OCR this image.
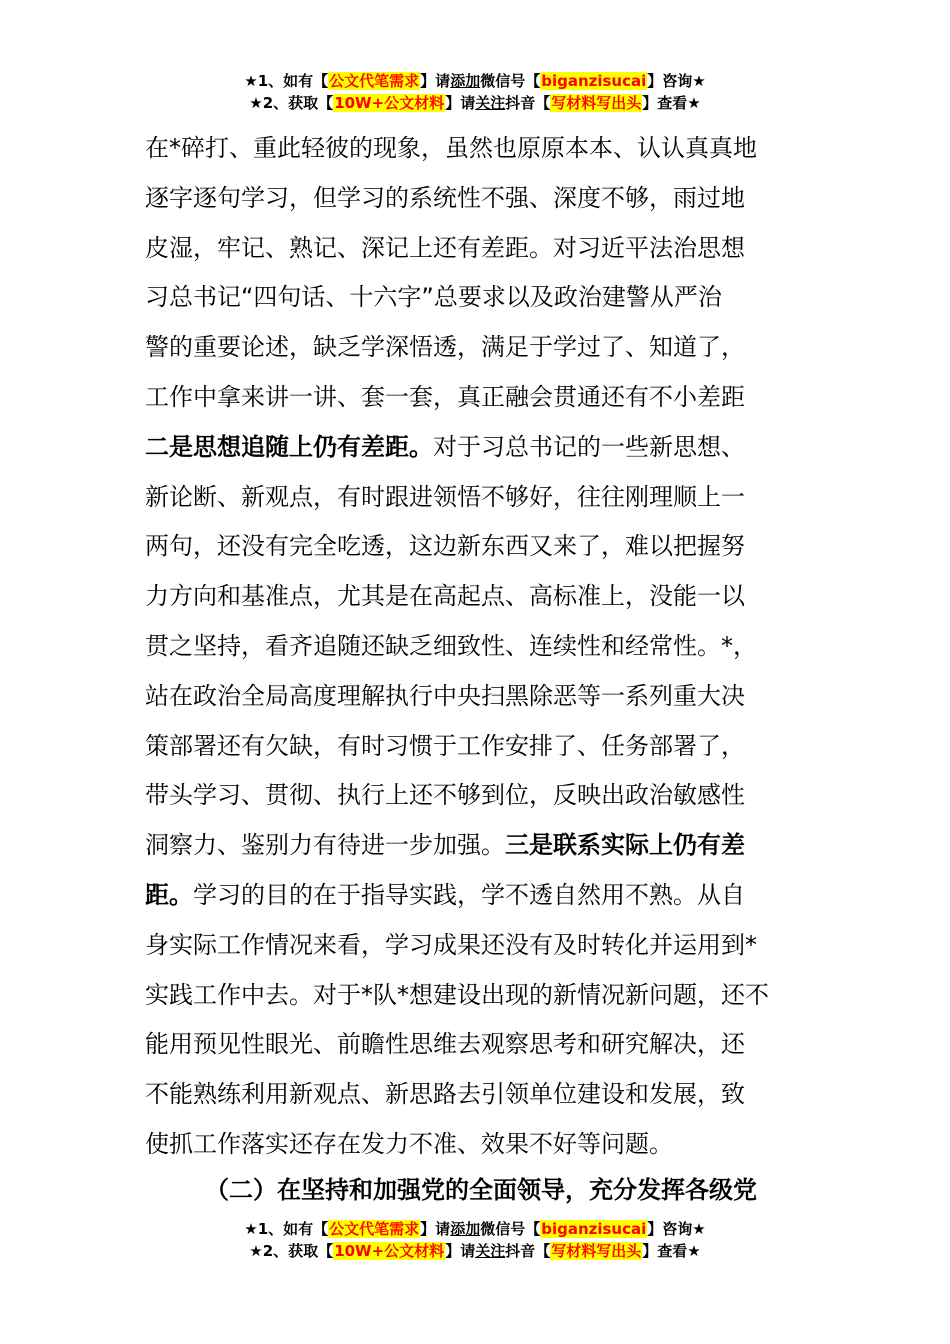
★1、如有【公文代笔需求】请添加微信号【biganzisucai】咨询★
★2、获取【10W+公文材料】请关注抖音【写材料写出头】查看★

在*碎打、重此轻彼的现象，虽然也原原本本、认认真真地

逐字逐句学习，但学习的系统性不强、深度不够，雨过地

皮湿，牢记、熟记、深记上还有差距。对习近平法治思想

习总书记“四句话、十六字”总要求以及政治建警从严治

警的重要论述，缺乏学深悟透，满足于学过了、知道了，

工作中拿来讲一讲、套一套，真正融会贯通还有不小差距

二是思想追随上仍有差距。对于习总书记的一些新思想、

新论断、新观点，有时跟进领悟不够好，往往刚理顺上一

两句，还没有完全吃透，这边新东西又来了，难以把握努

力方向和基准点，尤其是在高起点、高标准上，没能一以

贯之坚持，看齐追随还缺乏细致性、连续性和经常性。*，

站在政治全局高度理解执行中央扫黑除恶等一系列重大决

策部署还有欠缺，有时习惯于工作安排了、任务部署了，

带头学习、贯彻、执行上还不够到位，反映出政治敏感性

洞察力、鉴别力有待进一步加强。三是联系实际上仍有差

距。学习的目的在于指导实践，学不透自然用不熟。从自

身实际工作情况来看，学习成果还没有及时转化并运用到*

实践工作中去。对于*队*想建设出现的新情况新问题，还不

能用预见性眼光、前瞻性思维去观察思考和研究解决，还

不能熟练利用新观点、新思路去引领单位建设和发展，致

使抓工作落实还存在发力不准、效果不好等问题。

（二）在坚持和加强党的全面领导，充分发挥各级党
★1、如有【公文代笔需求】请添加微信号【biganzisucai】咨询★
★2、获取【10W+公文材料】请关注抖音【写材料写出头】查看★
